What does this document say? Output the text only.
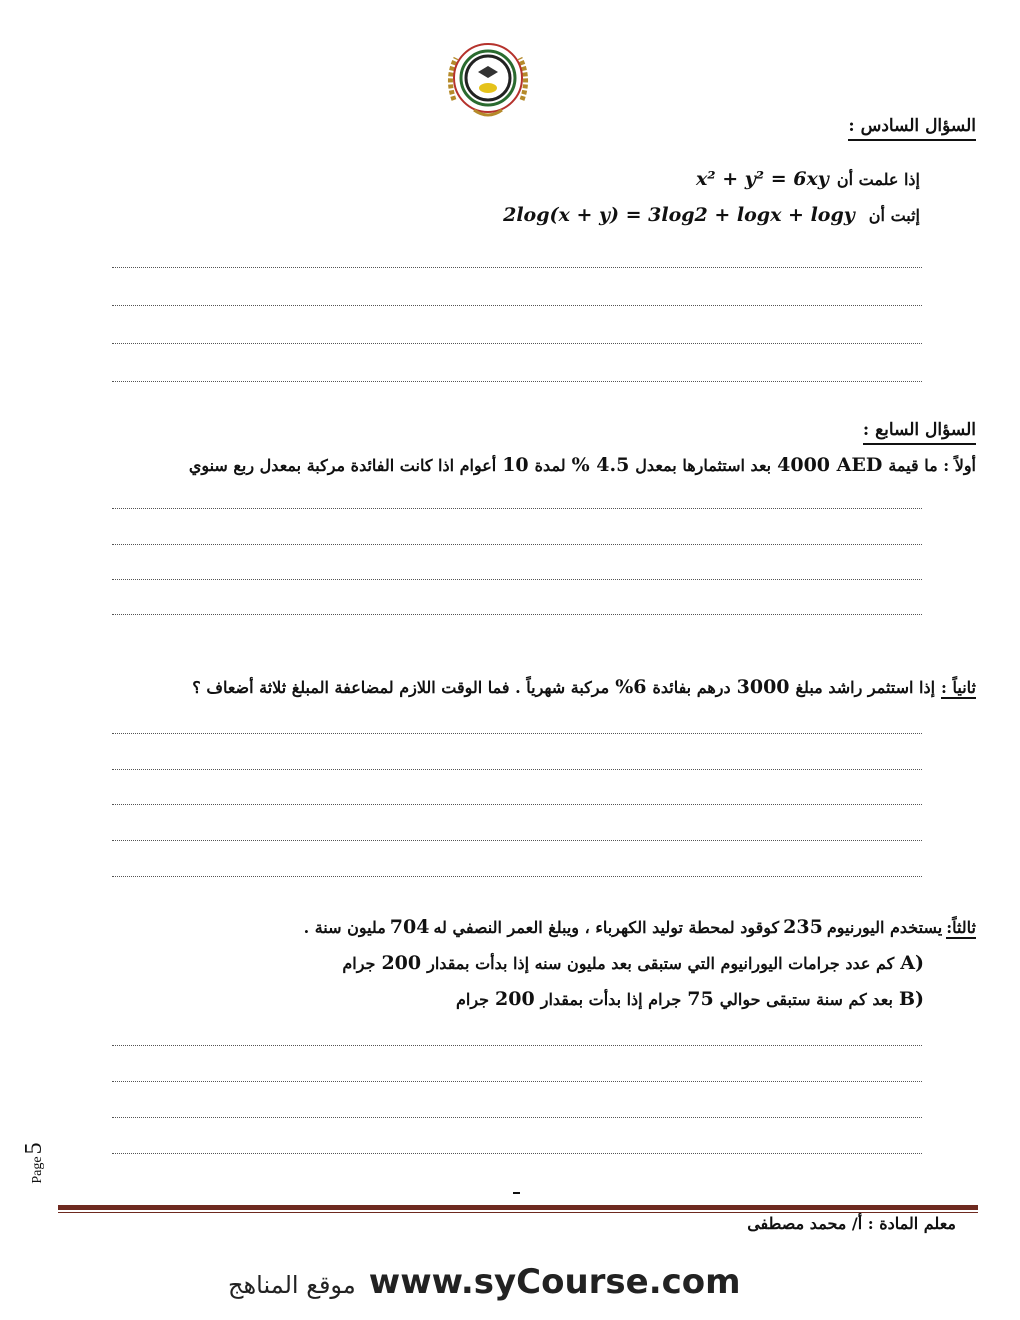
السؤال السادس :
إذا علمت أن
x² + y² = 6xy
إثبت أن
2log(x + y) = 3log2 + logx + logy
السؤال السابع :
أولاً : ما قيمة
4000 AED
بعد استثمارها بمعدل
% 4.5
لمدة
10
أعوام اذا كانت الفائدة مركبة بمعدل ربع سنوي
ثانياً :
إذا استثمر راشد مبلغ
3000
درهم بفائدة
%6
مركبة شهرياً . فما الوقت اللازم لمضاعفة المبلغ ثلاثة أضعاف ؟
ثالثاً:
يستخدم اليورنيوم
235
كوقود لمحطة توليد الكهرباء ، ويبلغ العمر النصفي له
704
مليون سنة .
A)
كم عدد جرامات اليورانيوم التي ستبقى بعد مليون سنه إذا بدأت بمقدار
200
جرام
B)
بعد كم سنة ستبقى حوالي
75
جرام إذا بدأت بمقدار
200
جرام
Page
5
معلم المادة : أ/ محمد مصطفى
موقع المناهج www.syCourse.com
